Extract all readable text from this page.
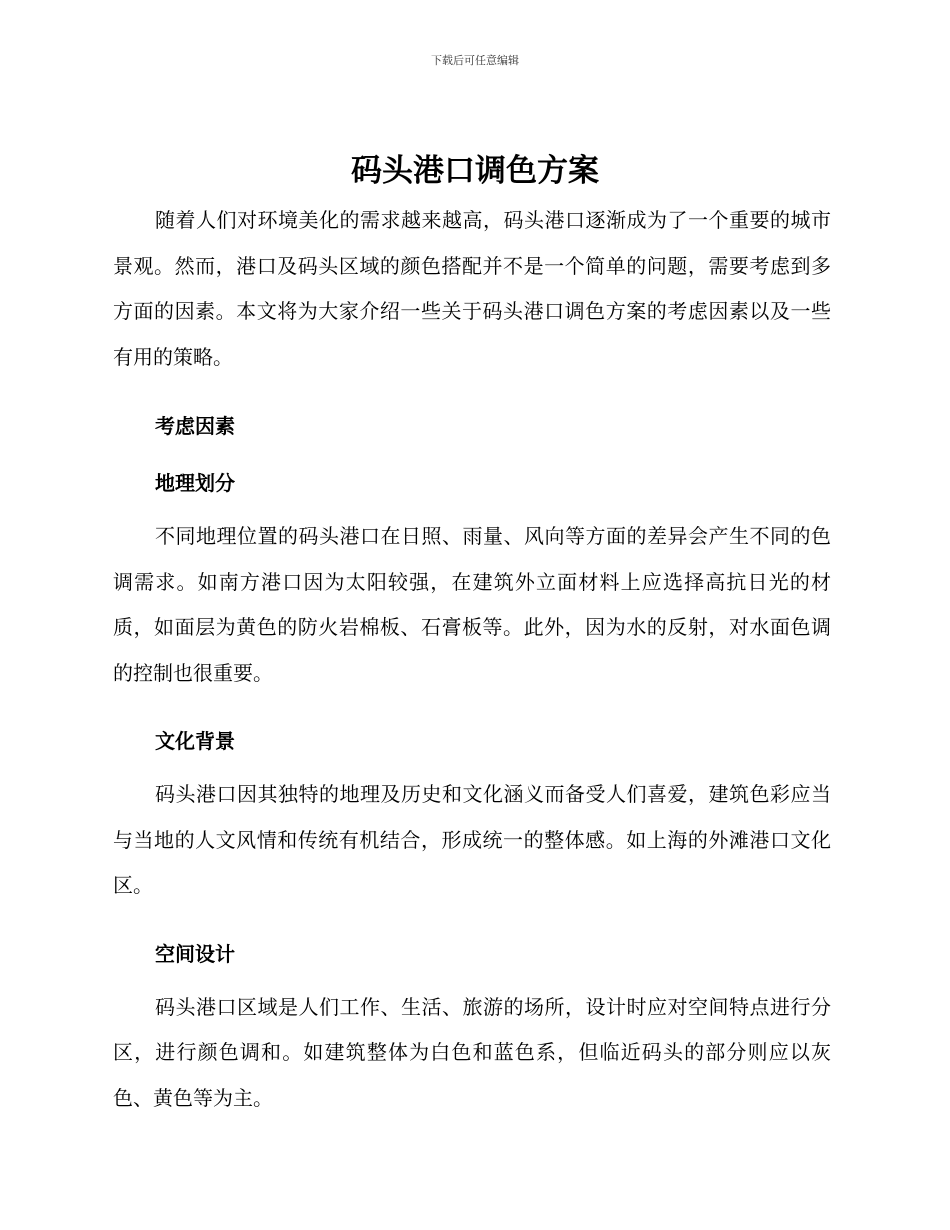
下载后可任意编辑
码头港口调色方案

随着人们对环境美化的需求越来越高，码头港口逐渐成为了一个重要的城市景观。然而，港口及码头区域的颜色搭配并不是一个简单的问题，需要考虑到多方面的因素。本文将为大家介绍一些关于码头港口调色方案的考虑因素以及一些有用的策略。

考虑因素
地理划分

不同地理位置的码头港口在日照、雨量、风向等方面的差异会产生不同的色调需求。如南方港口因为太阳较强，在建筑外立面材料上应选择高抗日光的材质，如面层为黄色的防火岩棉板、石膏板等。此外，因为水的反射，对水面色调的控制也很重要。

文化背景

码头港口因其独特的地理及历史和文化涵义而备受人们喜爱，建筑色彩应当与当地的人文风情和传统有机结合，形成统一的整体感。如上海的外滩港口文化区。

空间设计

码头港口区域是人们工作、生活、旅游的场所，设计时应对空间特点进行分区，进行颜色调和。如建筑整体为白色和蓝色系，但临近码头的部分则应以灰色、黄色等为主。
